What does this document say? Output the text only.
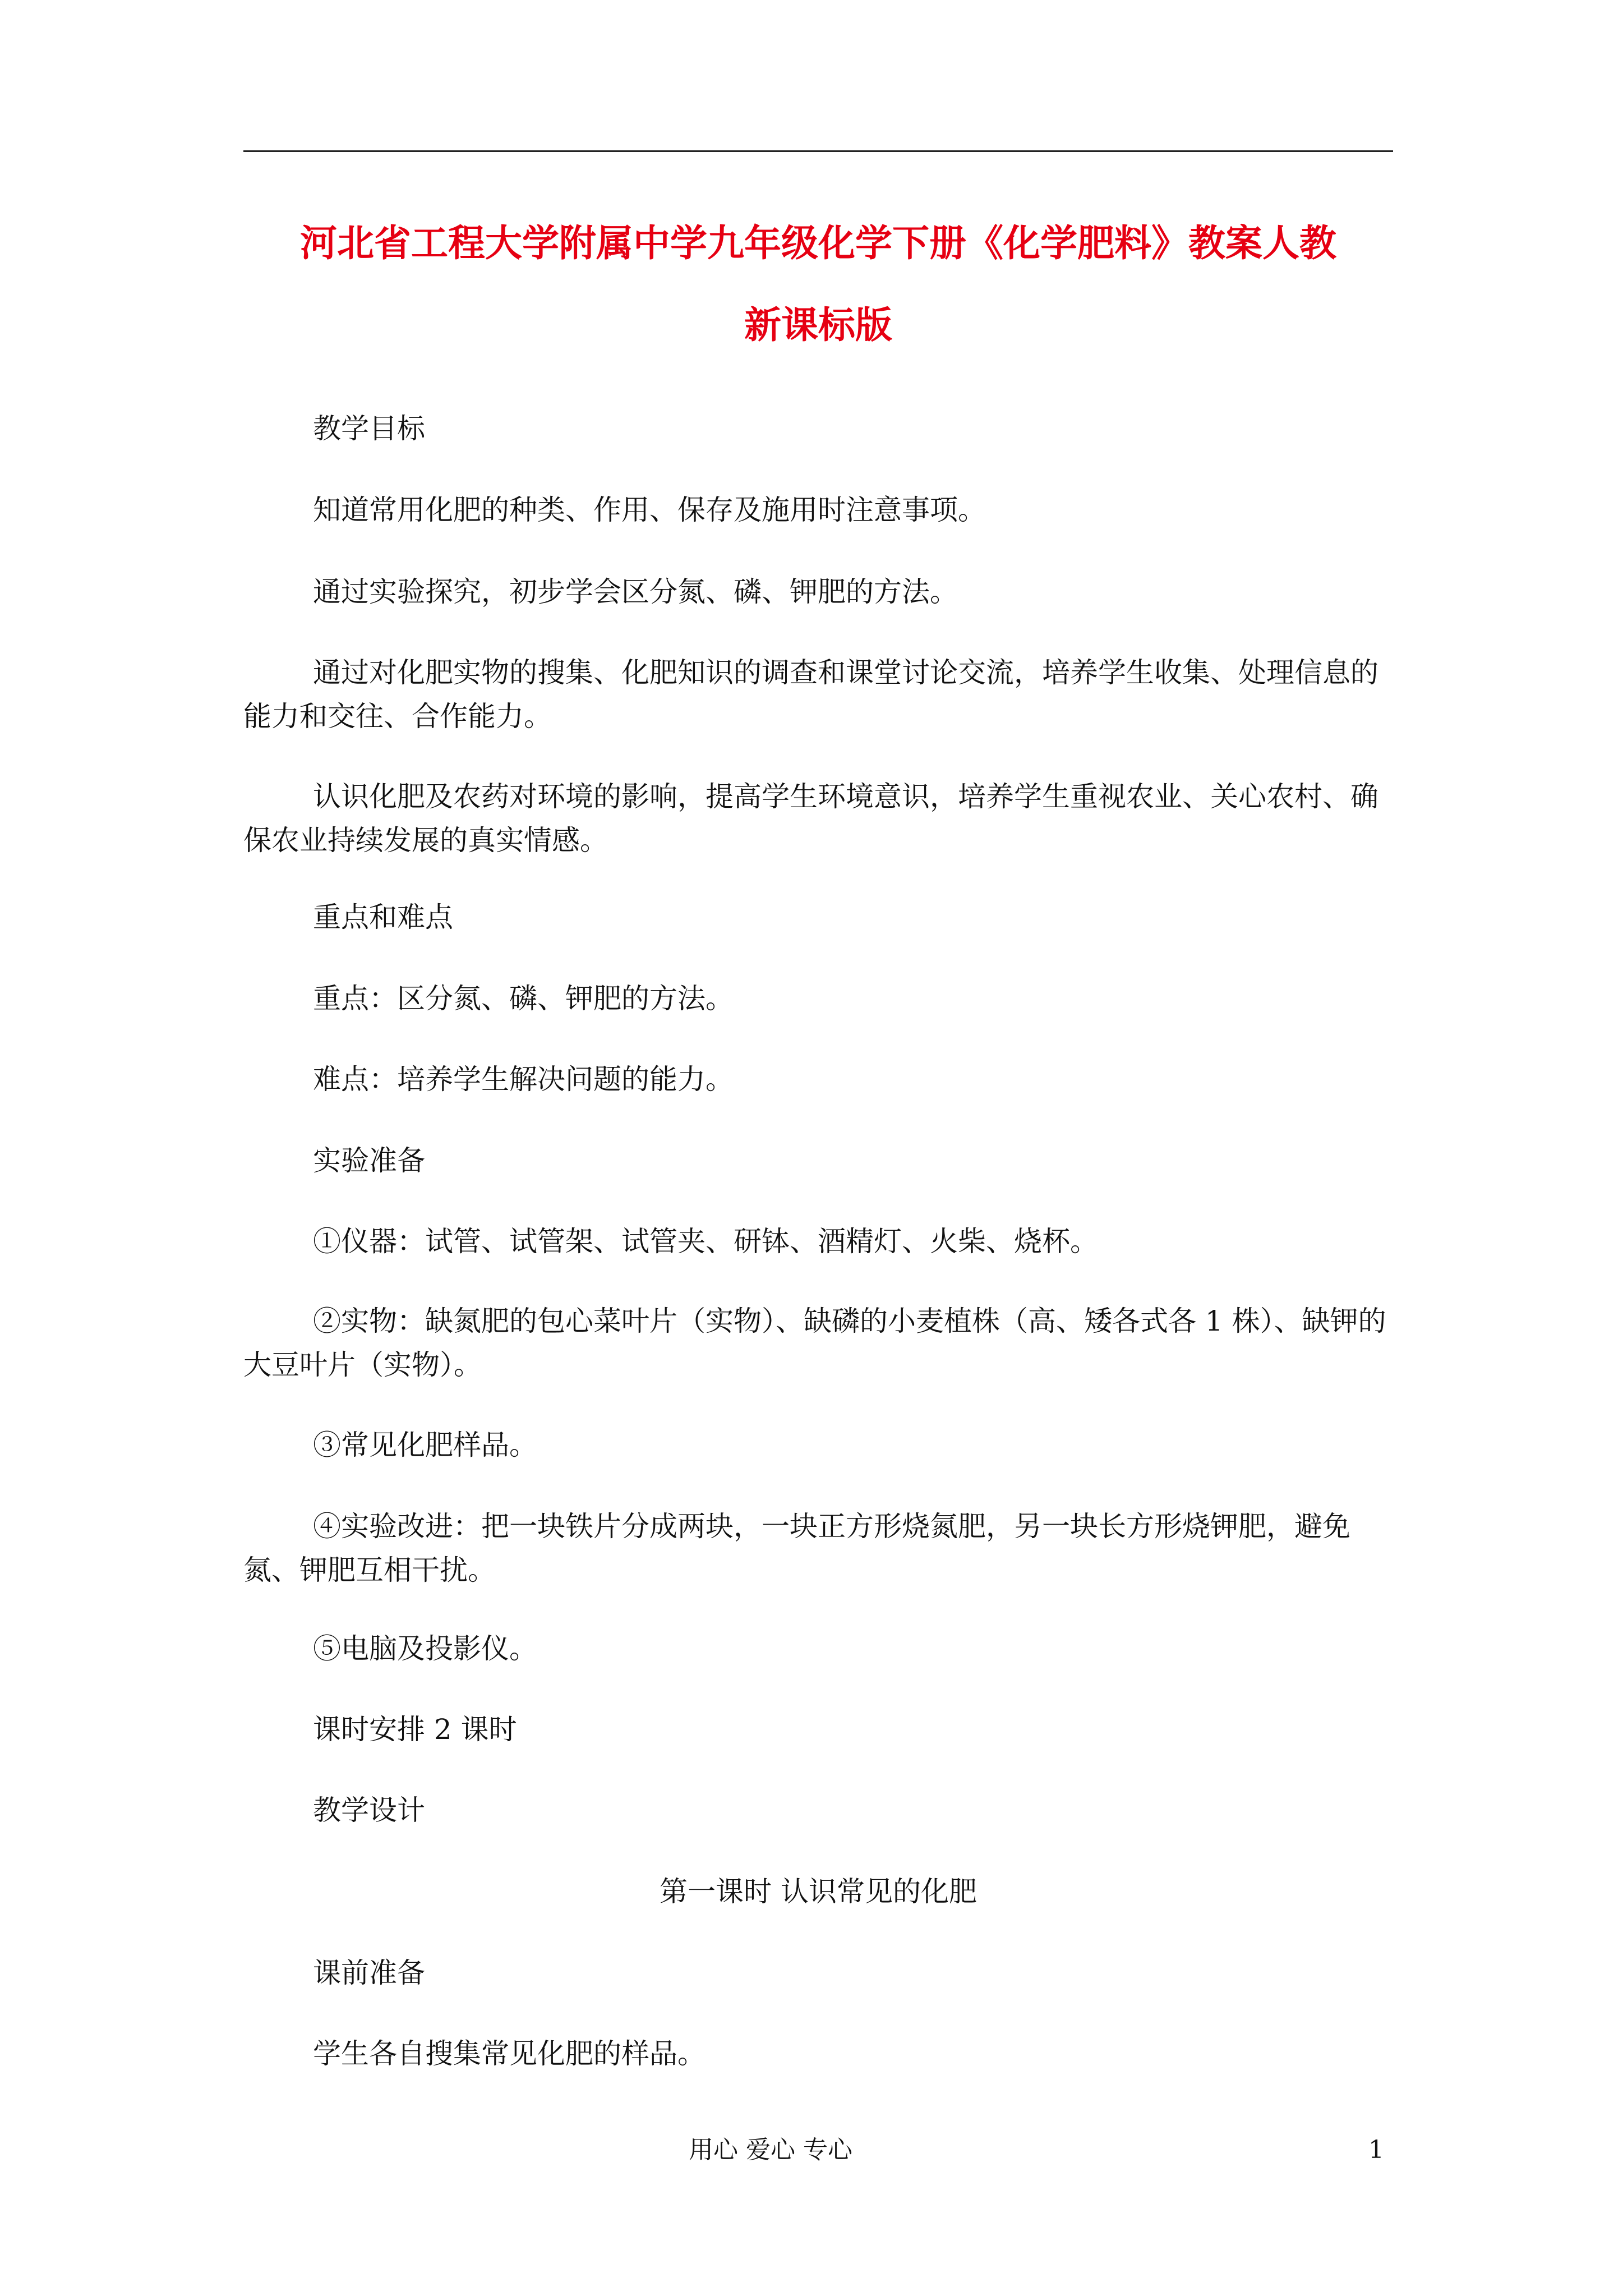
河北省工程大学附属中学九年级化学下册《化学肥料》教案人教
新课标版
教学目标
知道常用化肥的种类、作用、保存及施用时注意事项。
通过实验探究，初步学会区分氮、磷、钾肥的方法。
通过对化肥实物的搜集、化肥知识的调查和课堂讨论交流，培养学生收集、处理信息的能力和交往、合作能力。
认识化肥及农药对环境的影响，提高学生环境意识，培养学生重视农业、关心农村、确保农业持续发展的真实情感。
重点和难点
重点：区分氮、磷、钾肥的方法。
难点：培养学生解决问题的能力。
实验准备
①仪器：试管、试管架、试管夹、研钵、酒精灯、火柴、烧杯。
②实物：缺氮肥的包心菜叶片（实物）、缺磷的小麦植株（高、矮各式各 1 株）、缺钾的大豆叶片（实物）。
③常见化肥样品。
④实验改进：把一块铁片分成两块，一块正方形烧氮肥，另一块长方形烧钾肥，避免氮、钾肥互相干扰。
⑤电脑及投影仪。
课时安排 2 课时
教学设计
第一课时 认识常见的化肥
课前准备
学生各自搜集常见化肥的样品。
用心 爱心 专心	1
